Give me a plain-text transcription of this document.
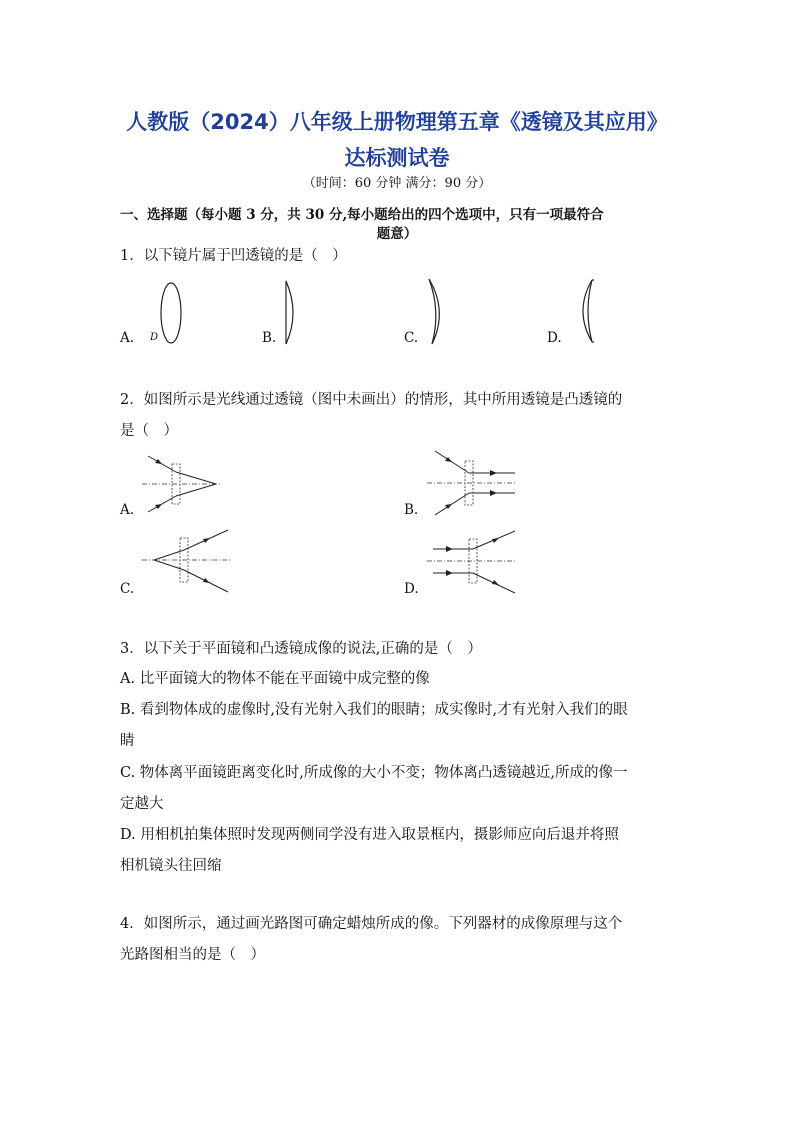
人教版（2024）八年级上册物理第五章《透镜及其应用》
达标测试卷
（时间：60 分钟 满分：90 分）
一、选择题（每小题 3 分，共 30 分,每小题给出的四个选项中，只有一项最符合
题意）
1．以下镜片属于凹透镜的是（　）
A.	B.	C.	D.
D
2．如图所示是光线通过透镜（图中未画出）的情形，其中所用透镜是凸透镜的
是（　）
A.	B.
C.	D.
3．以下关于平面镜和凸透镜成像的说法,正确的是（　）
A. 比平面镜大的物体不能在平面镜中成完整的像
B. 看到物体成的虚像时,没有光射入我们的眼睛；成实像时,才有光射入我们的眼
睛
C. 物体离平面镜距离变化时,所成像的大小不变；物体离凸透镜越近,所成的像一
定越大
D. 用相机拍集体照时发现两侧同学没有进入取景框内，摄影师应向后退并将照
相机镜头往回缩
4．如图所示，通过画光路图可确定蜡烛所成的像。下列器材的成像原理与这个
光路图相当的是（　）
